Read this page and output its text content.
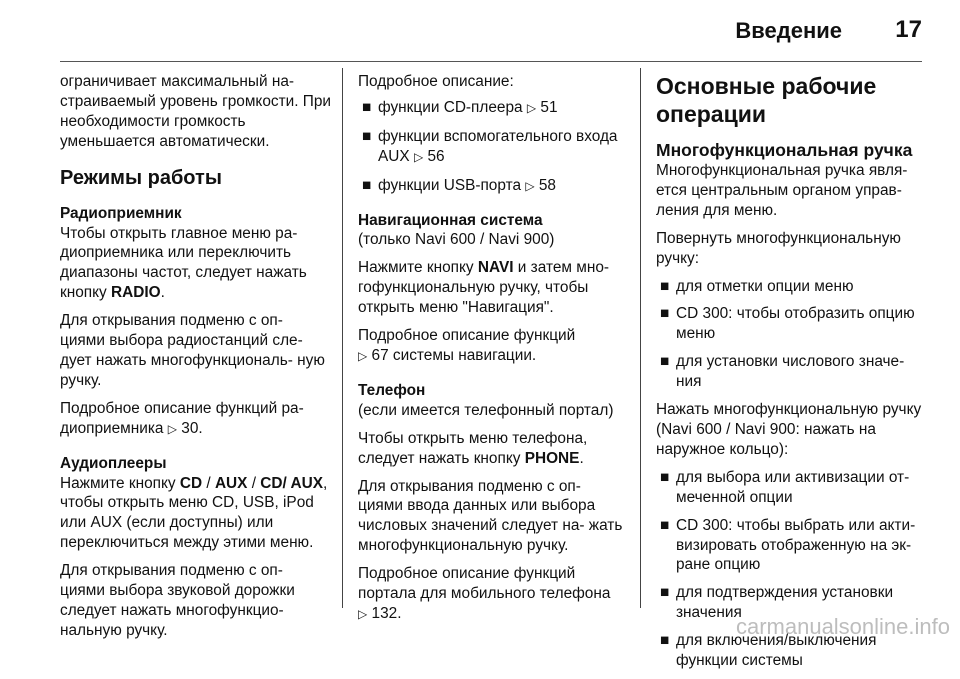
Введение 17

ограничивает максимальный на- страиваемый уровень громкости. При необходимости громкость уменьшается автоматически.

Режимы работы
Радиоприемник

Чтобы открыть главное меню ра- диоприемника или переключить диапазоны частот, следует нажать кнопку RADIO.

Для открывания подменю с оп- циями выбора радиостанций сле- дует нажать многофункциональ- ную ручку.

Подробное описание функций ра- диоприемника ▷ 30.

Аудиоплееры

Нажмите кнопку CD / AUX / CD/ AUX, чтобы открыть меню CD, USB, iPod или AUX (если доступны) или переключиться между этими меню.

Для открывания подменю с оп- циями выбора звуковой дорожки следует нажать многофункцио- нальную ручку.

Подробное описание:

■ функции CD-плеера ▷ 51
■ функции вспомогательного входа AUX ▷ 56
■ функции USB-порта ▷ 58
Навигационная система

(только Navi 600 / Navi 900)

Нажмите кнопку NAVI и затем мно- гофункциональную ручку, чтобы открыть меню "Навигация".

Подробное описание функций
▷ 67 системы навигации.

Телефон

(если имеется телефонный портал)

Чтобы открыть меню телефона, следует нажать кнопку PHONE.

Для открывания подменю с оп- циями ввода данных или выбора числовых значений следует на- жать многофункциональную ручку.

Подробное описание функций портала для мобильного телефона
▷ 132.

Основные рабочие операции
Многофункциональная ручка

Многофункциональная ручка явля- ется центральным органом управ- ления для меню.

Повернуть многофункциональную ручку:

■ для отметки опции меню
■ CD 300: чтобы отобразить опцию меню
■ для установки числового значе- ния

Нажать многофункциональную ручку (Navi 600 / Navi 900: нажать на наружное кольцо):

■ для выбора или активизации от- меченной опции
■ CD 300: чтобы выбрать или акти- визировать отображенную на эк- ране опцию
■ для подтверждения установки значения
■ для включения/выключения функции системы
carmanualsonline.info
